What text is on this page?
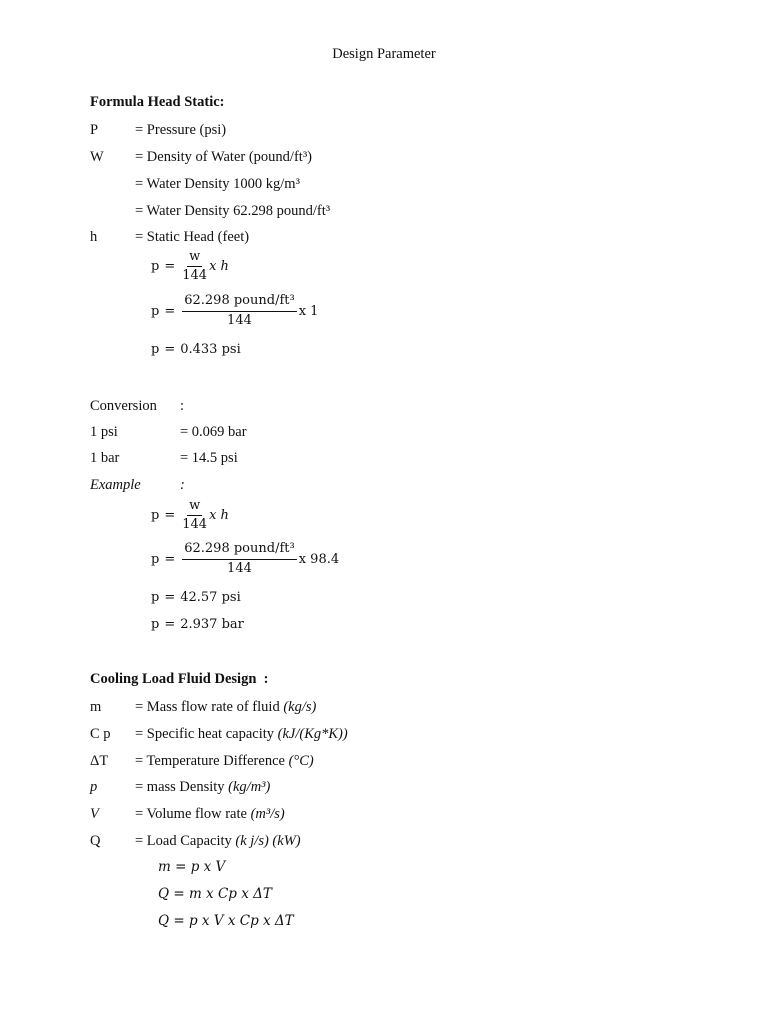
Design Parameter
Formula Head Static:
P	= Pressure (psi)
W = Density of Water (pound/ft³)
= Water Density 1000 kg/m³
= Water Density 62.298 pound/ft³
h	= Static Head (feet)
$p = \frac{w}{144}$ x h
$p = \frac{\text{62.298 pound/ft³}}{144}$ x 1
p = 0.433 psi
Conversion :
1 psi	= 0.069 bar
1 bar	= 14.5 psi
Example	:
$p = \frac{w}{144}$ x h
$p = \frac{\text{62.298 pound/ft³}}{144}$ x 98.4
p = 42.57 psi
p = 2.937 bar
Cooling Load Fluid Design  :
m = Mass flow rate of fluid (kg/s)
C p = Specific heat capacity (kJ/(Kg*K))
ΔT = Temperature Difference (°C)
p	= mass Density (kg/m³)
V = Volume flow rate (m³/s)
Q = Load Capacity (k j/s) (kW)
m = p x V
Q = m x Cp x ΔT
Q = p x V x Cp x ΔT
